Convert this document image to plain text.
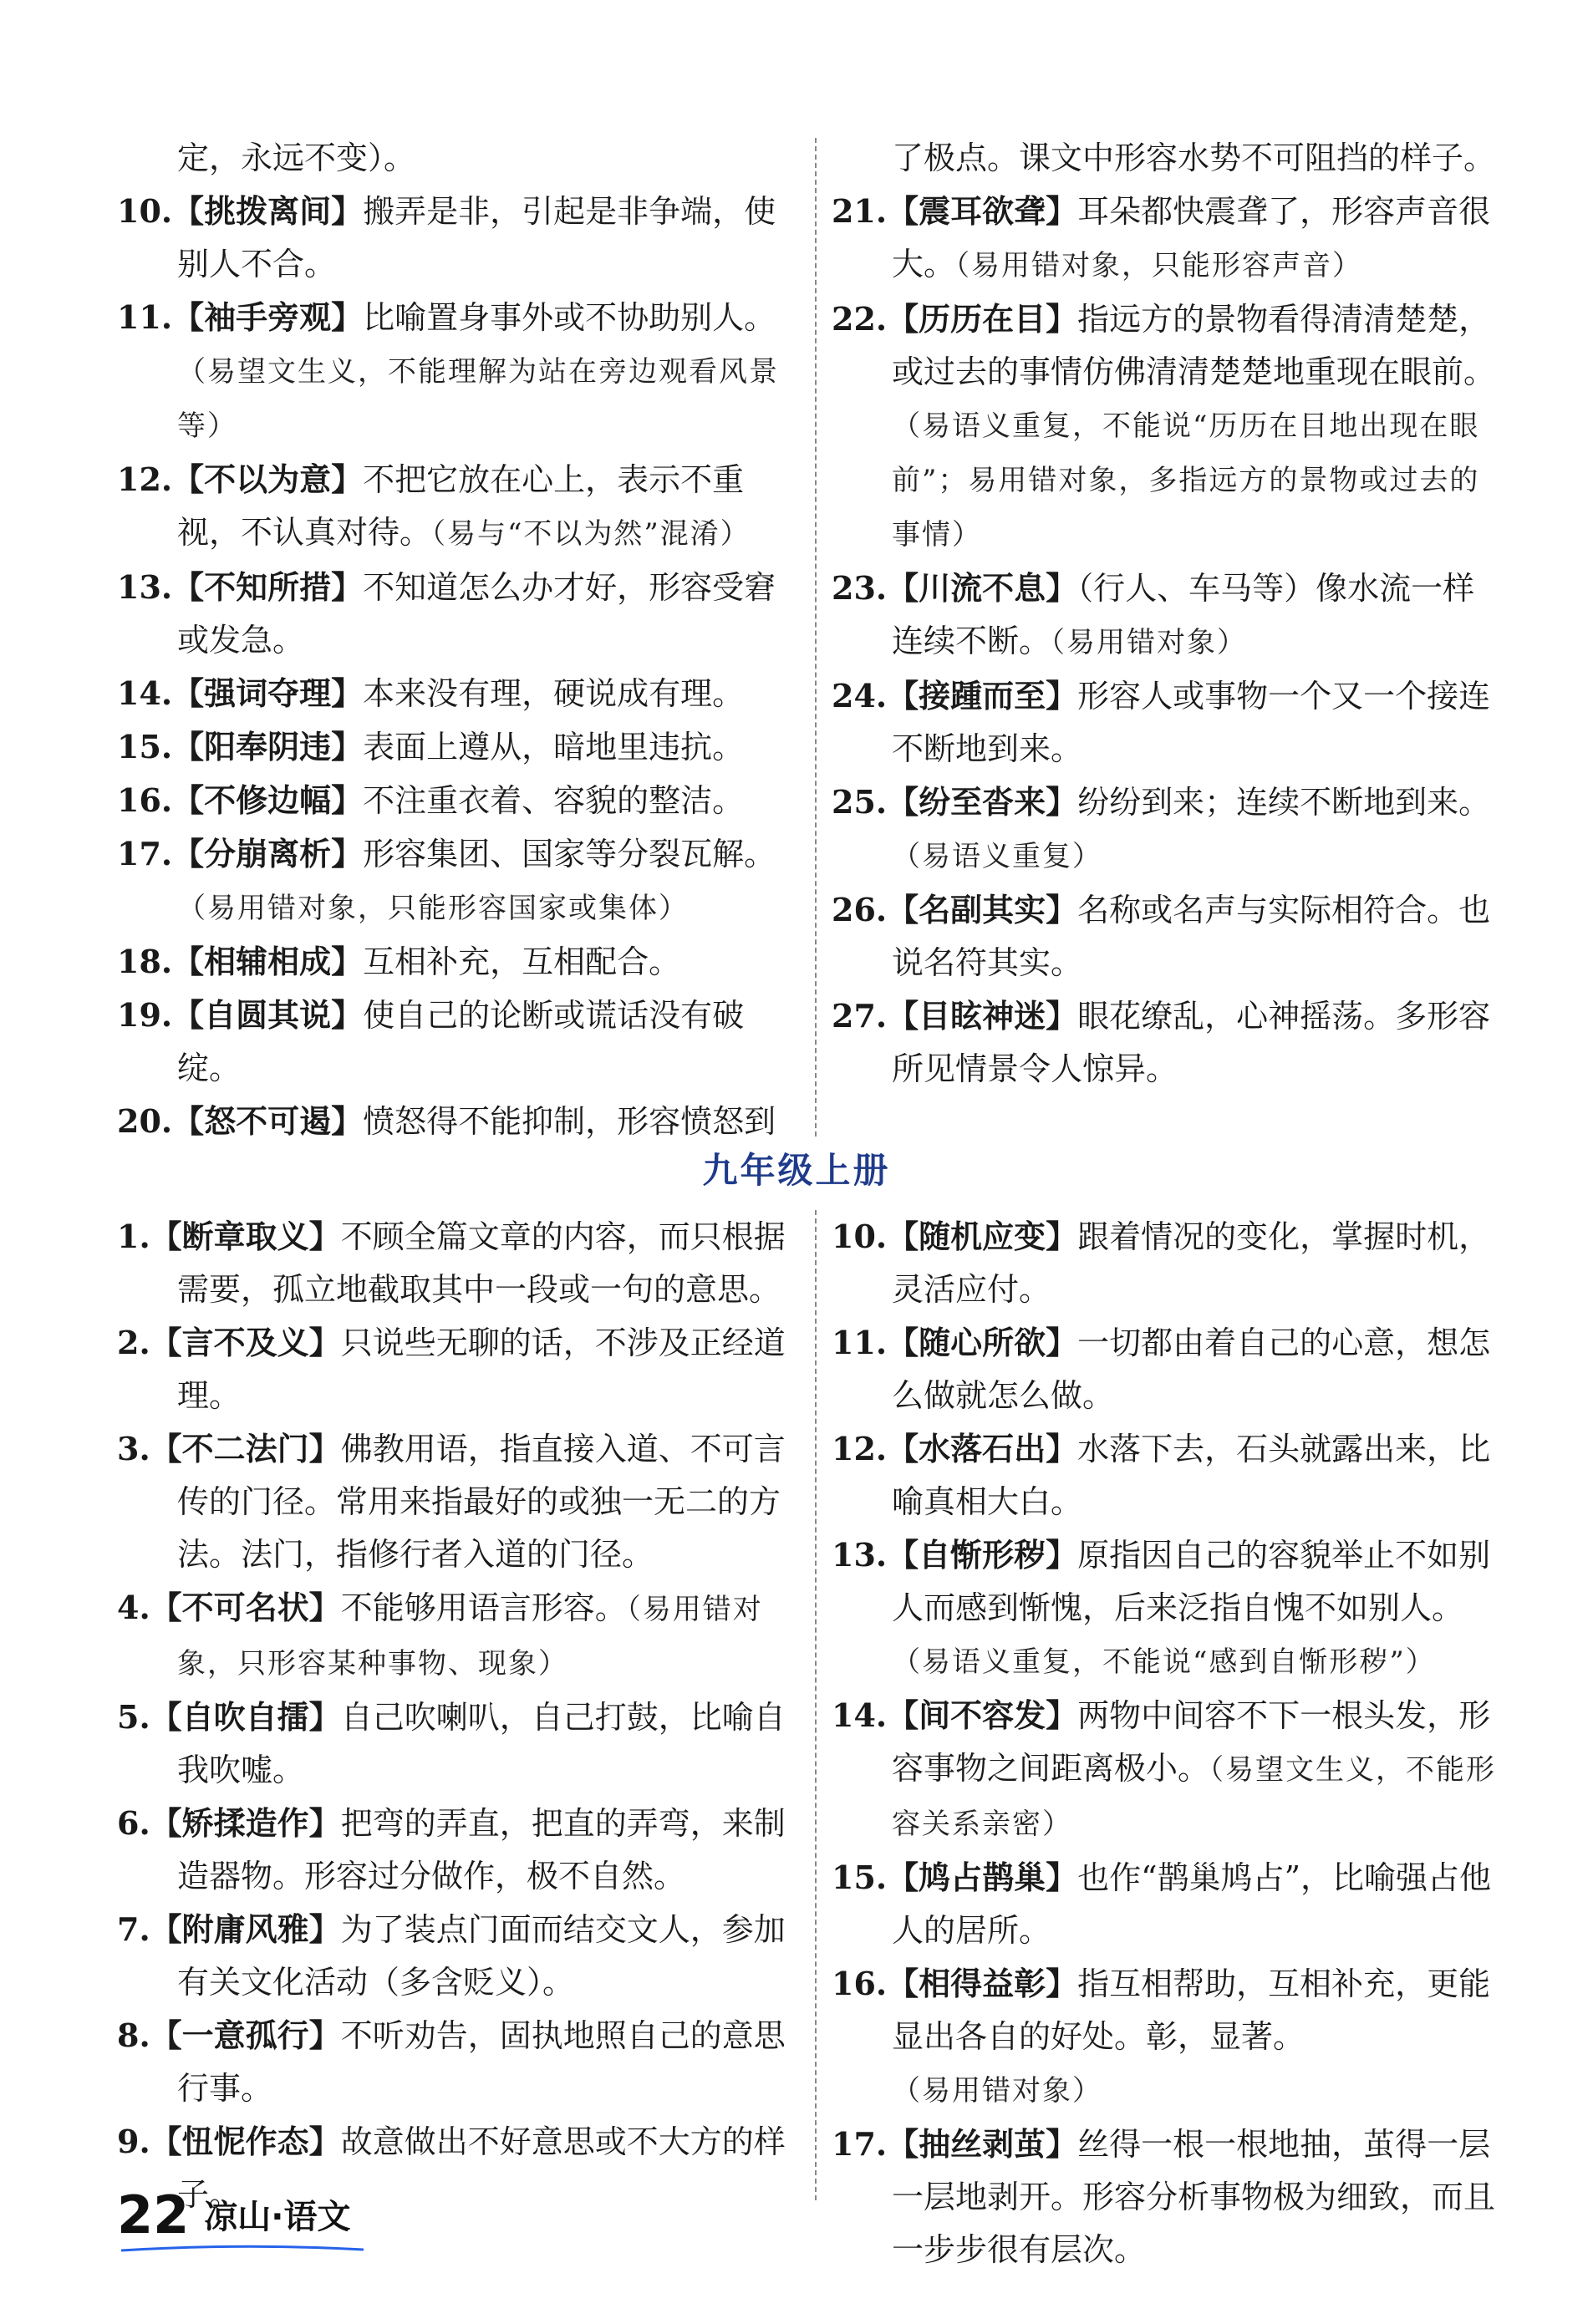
定，永远不变）。
10.【挑拨离间】搬弄是非，引起是非争端，使别人不合。
11.【袖手旁观】比喻置身事外或不协助别人。（易望文生义，不能理解为站在旁边观看风景等）
12.【不以为意】不把它放在心上，表示不重视，不认真对待。（易与“不以为然”混淆）
13.【不知所措】不知道怎么办才好，形容受窘或发急。
14.【强词夺理】本来没有理，硬说成有理。
15.【阳奉阴违】表面上遵从，暗地里违抗。
16.【不修边幅】不注重衣着、容貌的整洁。
17.【分崩离析】形容集团、国家等分裂瓦解。（易用错对象，只能形容国家或集体）
18.【相辅相成】互相补充，互相配合。
19.【自圆其说】使自己的论断或谎话没有破绽。
20.【怒不可遏】愤怒得不能抑制，形容愤怒到
了极点。课文中形容水势不可阻挡的样子。
21.【震耳欲聋】耳朵都快震聋了，形容声音很大。（易用错对象，只能形容声音）
22.【历历在目】指远方的景物看得清清楚楚，或过去的事情仿佛清清楚楚地重现在眼前。（易语义重复，不能说“历历在目地出现在眼前”；易用错对象，多指远方的景物或过去的事情）
23.【川流不息】（行人、车马等）像水流一样连续不断。（易用错对象）
24.【接踵而至】形容人或事物一个又一个接连不断地到来。
25.【纷至沓来】纷纷到来；连续不断地到来。（易语义重复）
26.【名副其实】名称或名声与实际相符合。也说名符其实。
27.【目眩神迷】眼花缭乱，心神摇荡。多形容所见情景令人惊异。
九年级上册
1.【断章取义】不顾全篇文章的内容，而只根据需要，孤立地截取其中一段或一句的意思。
2.【言不及义】只说些无聊的话，不涉及正经道理。
3.【不二法门】佛教用语，指直接入道、不可言传的门径。常用来指最好的或独一无二的方法。法门，指修行者入道的门径。
4.【不可名状】不能够用语言形容。（易用错对象，只形容某种事物、现象）
5.【自吹自擂】自己吹喇叭，自己打鼓，比喻自我吹嘘。
6.【矫揉造作】把弯的弄直，把直的弄弯，来制造器物。形容过分做作，极不自然。
7.【附庸风雅】为了装点门面而结交文人，参加有关文化活动（多含贬义）。
8.【一意孤行】不听劝告，固执地照自己的意思行事。
9.【忸怩作态】故意做出不好意思或不大方的样子。
10.【随机应变】跟着情况的变化，掌握时机，灵活应付。
11.【随心所欲】一切都由着自己的心意，想怎么做就怎么做。
12.【水落石出】水落下去，石头就露出来，比喻真相大白。
13.【自惭形秽】原指因自己的容貌举止不如别人而感到惭愧，后来泛指自愧不如别人。（易语义重复，不能说“感到自惭形秽”）
14.【间不容发】两物中间容不下一根头发，形容事物之间距离极小。（易望文生义，不能形容关系亲密）
15.【鸠占鹊巢】也作“鹊巢鸠占”，比喻强占他人的居所。
16.【相得益彰】指互相帮助，互相补充，更能显出各自的好处。彰，显著。（易用错对象）
17.【抽丝剥茧】丝得一根一根地抽，茧得一层一层地剥开。形容分析事物极为细致，而且一步步很有层次。
22 凉山·语文
